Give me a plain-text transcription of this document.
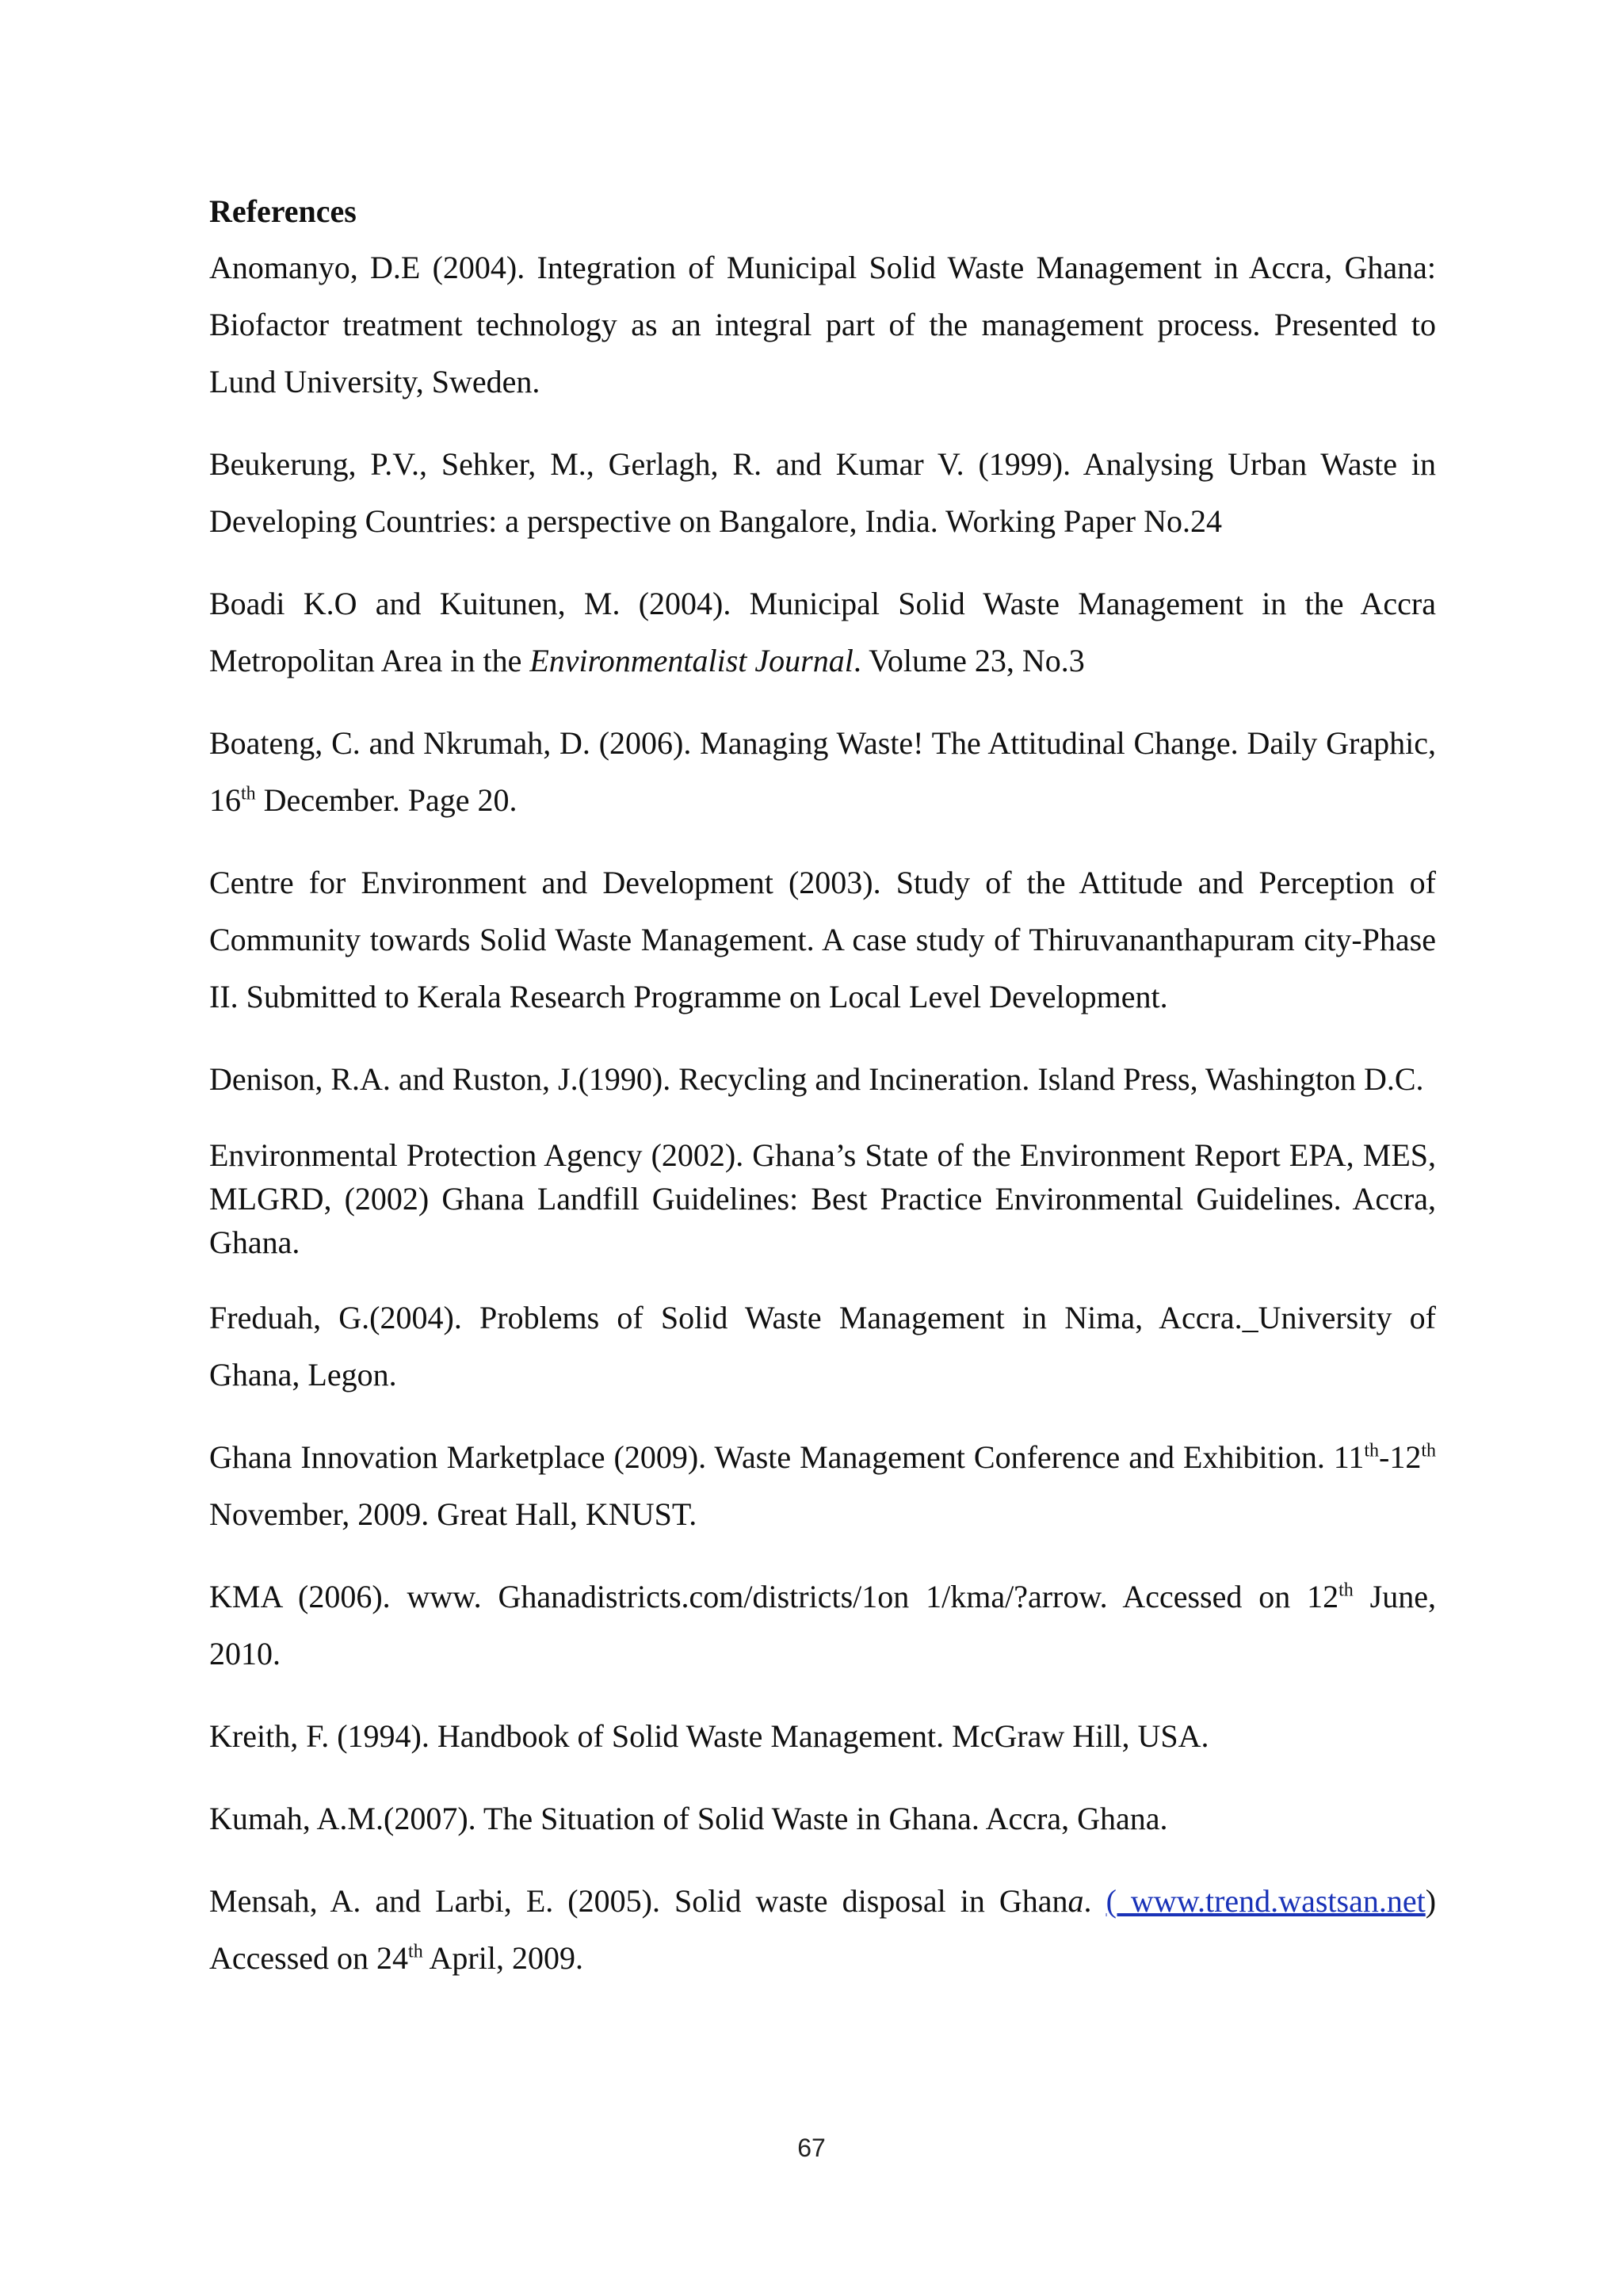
References

Anomanyo, D.E (2004). Integration of Municipal Solid Waste Management in Accra, Ghana: Biofactor treatment technology as an integral part of the management process. Presented to Lund University, Sweden.

Beukerung, P.V., Sehker, M., Gerlagh, R. and Kumar V. (1999). Analysing Urban Waste in Developing Countries: a perspective on Bangalore, India. Working Paper No.24

Boadi K.O and Kuitunen, M. (2004). Municipal Solid Waste Management in the Accra Metropolitan Area in the Environmentalist Journal. Volume 23, No.3

Boateng, C. and Nkrumah, D. (2006). Managing Waste! The Attitudinal Change. Daily Graphic, 16th December. Page 20.

Centre for Environment and Development (2003). Study of the Attitude and Perception of Community towards Solid Waste Management. A case study of Thiruvananthapuram city-Phase II. Submitted to Kerala Research Programme on Local Level Development.

Denison, R.A. and Ruston, J.(1990). Recycling and Incineration. Island Press, Washington D.C.

Environmental Protection Agency (2002). Ghana’s State of the Environment Report EPA, MES, MLGRD, (2002) Ghana Landfill Guidelines: Best Practice Environmental Guidelines. Accra, Ghana.

Freduah, G.(2004). Problems of Solid Waste Management in Nima, Accra._University of Ghana, Legon.

Ghana Innovation Marketplace (2009). Waste Management Conference and Exhibition. 11th-12th November, 2009. Great Hall, KNUST.

KMA (2006). www. Ghanadistricts.com/districts/1on 1/kma/?arrow. Accessed on 12th June, 2010.

Kreith, F. (1994). Handbook of Solid Waste Management. McGraw Hill, USA.

Kumah, A.M.(2007). The Situation of Solid Waste in Ghana. Accra, Ghana.

Mensah, A. and Larbi, E. (2005). Solid waste disposal in Ghana. ( www.trend.wastsan.net) Accessed on 24th April, 2009.

67
